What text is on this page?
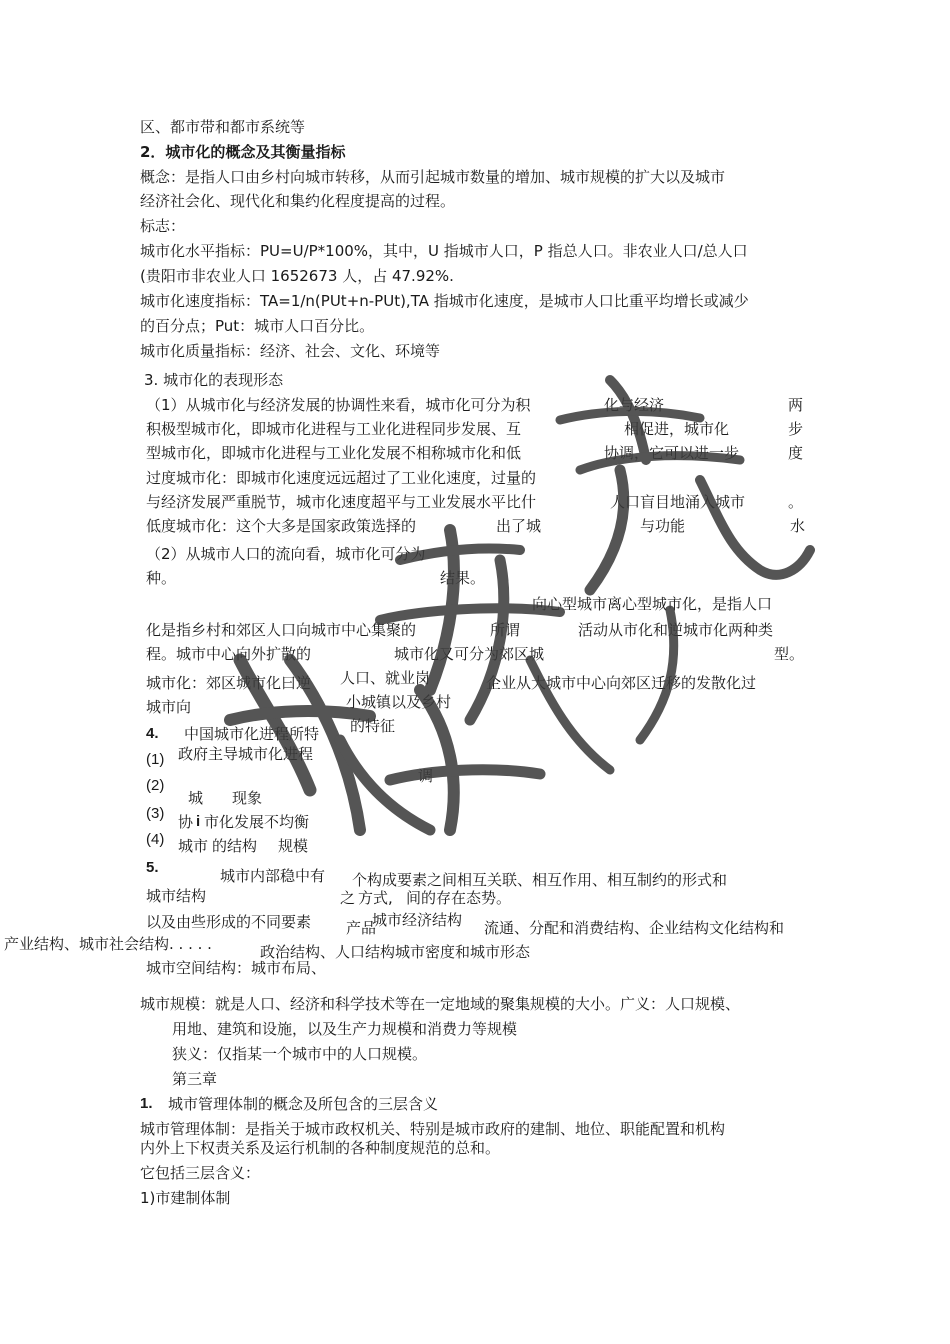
区、都市带和都市系统等
2．城市化的概念及其衡量指标
概念：是指人口由乡村向城市转移，从而引起城市数量的增加、城市规模的扩大以及城市
经济社会化、现代化和集约化程度提高的过程。
标志：
城市化水平指标：PU=U/P*100%，其中，U 指城市人口，P 指总人口。非农业人口/总人口
(贵阳市非农业人口 1652673 人，占 47.92%.
城市化速度指标：TA=1/n(PUt+n-PUt),TA 指城市化速度，是城市人口比重平均增长或减少
的百分点；Put：城市人口百分比。
城市化质量指标：经济、社会、文化、环境等
3. 城市化的表现形态
（1）从城市化与经济发展的协调性来看，城市化可分为积	化与经济	两
积极型城市化，即城市化进程与工业化进程同步发展、互	相促进，城市化	步
型城市化，即城市化进程与工业化发展不相称城市化和低	协调，它可以进一步	度
过度城市化：即城市化速度远远超过了工业化速度，过量的
与经济发展严重脱节，城市化速度超平与工业发展水平比什	人口盲目地涌入城市	。
低度城市化：这个大多是国家政策选择的	出了城	与功能	水
（2）从城市人口的流向看，城市化可分为
种。	结果。
向心型城市离心型城市化，是指人口
化是指乡村和郊区人口向城市中心集聚的	所谓	活动从市化和逆城市化两种类
程。城市中心向外扩散的	城市化又可分为郊区城	型。
城市化：郊区城市化曰逆 人口、就业岗	企业从大城市中心向郊区迁移的发散化过
城市向	小城镇以及乡村
的特征
4. 中国城市化进程所特
(1) 政府主导城市化进程
(2)
调
城 现象
(3) 协 i 市化发展不均衡
(4) 城市 的结构 规模
5.	城市内部稳中有 个构成要素之间相互关联、相互作用、相互制约的形式和
城市结构	之 方式, 间的存在态势。
以及由些形成的不同要素	城市经济结构
产品	流通、分配和消费结构、企业结构文化结构和
产业结构、城市社会结构. . . . .	政治结构、人口结构城市密度和城市形态
城市空间结构：城市布局、
城市规模：就是人口、经济和科学技术等在一定地域的聚集规模的大小。广义：人口规模、
用地、建筑和设施，以及生产力规模和消费力等规模
狭义：仅指某一个城市中的人口规模。
第三章
1. 城市管理体制的概念及所包含的三层含义
城市管理体制：是指关于城市政权机关、特别是城市政府的建制、地位、职能配置和机构
内外上下权责关系及运行机制的各种制度规范的总和。
它包括三层含义：
1)市建制体制
